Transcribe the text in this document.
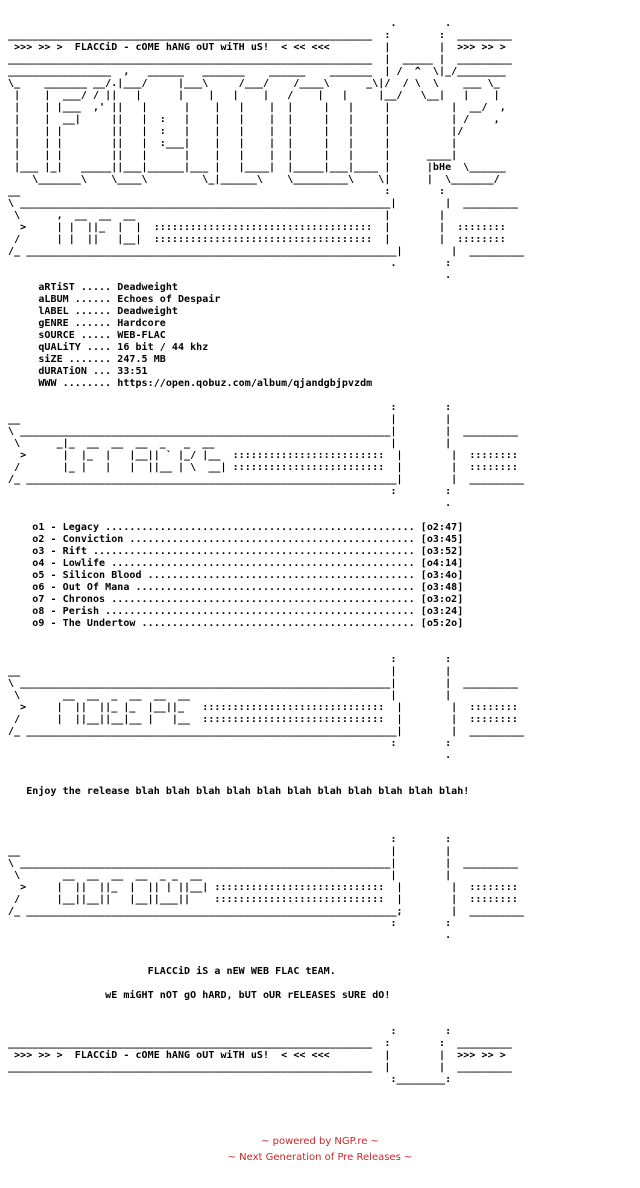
.        .
____________________________________________________________  :        :  _________
>>> >> >  FLACCiD - cOME hANG oUT wiTH uS!  < << <<<         |        |  >>> >> >
____________________________________________________________  |  _____ |  _________
_________________  ,   ______   _______    ______    _______  | /  ^  \|_/________
\_    _______ __/.|___/     |___\     /___/    /____\      _\|/  / \  \    ___ \_
|    |  ___/ / ||   |      |    |   |    |   /    |   |     |__/   \__|   |    |
|    | |___  ,' ||   |      |    |   |    |  |     |   |     |          |  __/  ,
|    |  __|     ||   |  :   |    |   |    |  |     |   |     |          | /    ,
|    | |        ||   |  :   |    |   |    |  |     |   |     |          |/
|    | |        ||   |  :___|    |   |    |  |     |   |     |          |
|    | |        ||   |      |    |   |    |  |     |   |     |      ____|
|___ |_|   _____||___|______|___ |   |____|  |_____|___|____ |      |bHe  \______
\_______\    \____\         \_|______\    \_________\    \|      |  \_______/
__                                                            :        :
\ _____________________________________________________________|        |  _________
\      ,  __  __  __                                         |        |
>     | |  ||_  |  |  ::::::::::::::::::::::::::::::::::::  |        |  ::::::::
/      | |  ||   |__|  ::::::::::::::::::::::::::::::::::::  |        |  ::::::::
/_ _____________________________________________________________|        |  _________
.        :
.
aRTiST ..... Deadweight
aLBUM ...... Echoes of Despair
lABEL ...... Deadweight
gENRE ...... Hardcore
sOURCE ..... WEB-FLAC
qUALiTY .... 16 bit / 44 khz
siZE ....... 247.5 MB
dURATiON ... 33:51
WWW ........ https://open.qobuz.com/album/qjandgbjpvzdm
:        :
__                                                             |        |
\ _____________________________________________________________|        |  _________
\      _|_  __  __  __  _   _  __                             |        |
>      |  |_  |   |__|| ` |_/ |__  :::::::::::::::::::::::::  |        |  ::::::::
/       |_ |   |   |  ||__ | \  __| :::::::::::::::::::::::::  |        |  ::::::::
/_ _____________________________________________________________|        |  _________
:        :
.
o1 - Legacy ................................................... [o2:47]
o2 - Conviction ............................................... [o3:45]
o3 - Rift ..................................................... [o3:52]
o4 - Lowlife .................................................. [o4:14]
o5 - Silicon Blood ............................................ [o3:4o]
o6 - Out Of Mana .............................................. [o3:48]
o7 - Chronos .................................................. [o3:o2]
o8 - Perish ................................................... [o3:24]
o9 - The Undertow ............................................. [o5:2o]
:        :
__                                                             |        |
\ _____________________________________________________________|        |  _________
\       __  __  _  __  __  __                                 |        |
>     |  ||  ||_ |_  |__||_   ::::::::::::::::::::::::::::::  |        |  ::::::::
/      |  ||__||__|__ |   |__  ::::::::::::::::::::::::::::::  |        |  ::::::::
/_ _____________________________________________________________|        |  _________
:        :
.
Enjoy the release blah blah blah blah blah blah blah blah blah blah blah!
:        :
__                                                             |        |
\ _____________________________________________________________|        |  _________
\       __  __  __  __  _ _  __                               |        |
>     |  ||  ||_  |  || | ||__| ::::::::::::::::::::::::::::  |        |  ::::::::
/      |__||__||   |__||___||    ::::::::::::::::::::::::::::  |        |  ::::::::
/_ _____________________________________________________________;        |  _________
:        :
.
FLACCiD iS a nEW WEB FLAC tEAM.
wE miGHT nOT gO hARD, bUT oUR rELEASES sURE dO!
:        :
____________________________________________________________  :        :  _________
>>> >> >  FLACCiD - cOME hANG oUT wiTH uS!  < << <<<         |        |  >>> >> >
____________________________________________________________  |        |  _________
:________:
~ powered by NGP.re ~
~ Next Generation of Pre Releases ~
